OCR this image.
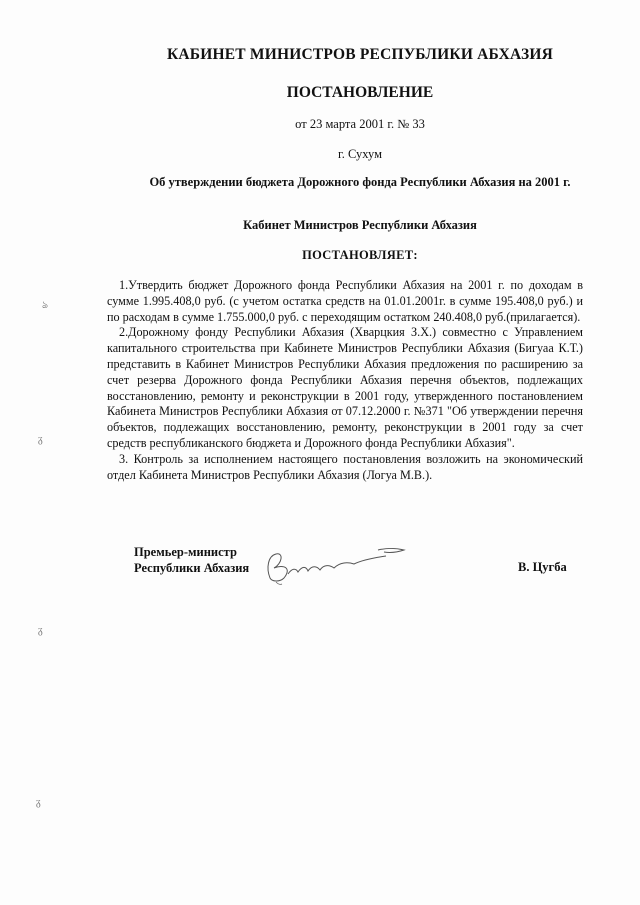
КАБИНЕТ МИНИСТРОВ РЕСПУБЛИКИ АБХАЗИЯ
ПОСТАНОВЛЕНИЕ
от 23 марта 2001 г. № 33
г. Сухум
Об утверждении бюджета Дорожного фонда Республики Абхазия на 2001 г.
Кабинет Министров Республики Абхазия
ПОСТАНОВЛЯЕТ:

1.Утвердить бюджет Дорожного фонда Республики Абхазия на 2001 г. по доходам в сумме 1.995.408,0 руб. (с учетом остатка средств на 01.01.2001г. в сумме 195.408,0 руб.) и по расходам в сумме 1.755.000,0 руб. с переходящим остатком 240.408,0 руб.(прилагается).

2.Дорожному фонду Республики Абхазия (Хварцкия З.Х.) совместно с Управлением капитального строительства при Кабинете Министров Республики Абхазия (Бигуаа К.Т.) представить в Кабинет Министров Республики Абхазия предложения по расширению за счет резерва Дорожного фонда Республики Абхазия перечня объектов, подлежащих восстановлению, ремонту и реконструкции в 2001 году, утвержденного постановлением Кабинета Министров Республики Абхазия от 07.12.2000 г. №371 "Об утверждении перечня объектов, подлежащих восстановлению, ремонту, реконструкции в 2001 году за счет средств республиканского бюджета и Дорожного фонда Республики Абхазия".

3. Контроль за исполнением настоящего постановления возложить на экономический отдел Кабинета Министров Республики Абхазия (Логуа М.В.).

Премьер-министр
Республики Абхазия	В. Цугба
ঌ
ᵹ
ᵹ
ᵹ
